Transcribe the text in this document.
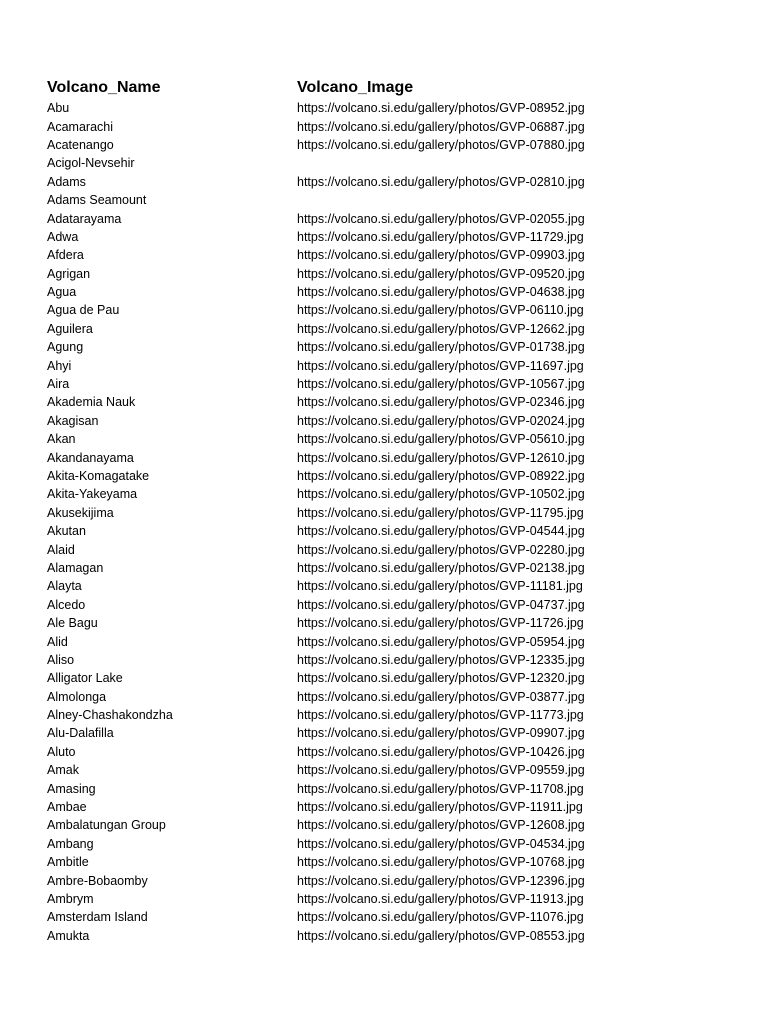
Volcano_Name	Volcano_Image
Abu	https://volcano.si.edu/gallery/photos/GVP-08952.jpg
Acamarachi	https://volcano.si.edu/gallery/photos/GVP-06887.jpg
Acatenango	https://volcano.si.edu/gallery/photos/GVP-07880.jpg
Acigol-Nevsehir
Adams	https://volcano.si.edu/gallery/photos/GVP-02810.jpg
Adams Seamount
Adatarayama	https://volcano.si.edu/gallery/photos/GVP-02055.jpg
Adwa	https://volcano.si.edu/gallery/photos/GVP-11729.jpg
Afdera	https://volcano.si.edu/gallery/photos/GVP-09903.jpg
Agrigan	https://volcano.si.edu/gallery/photos/GVP-09520.jpg
Agua	https://volcano.si.edu/gallery/photos/GVP-04638.jpg
Agua de Pau	https://volcano.si.edu/gallery/photos/GVP-06110.jpg
Aguilera	https://volcano.si.edu/gallery/photos/GVP-12662.jpg
Agung	https://volcano.si.edu/gallery/photos/GVP-01738.jpg
Ahyi	https://volcano.si.edu/gallery/photos/GVP-11697.jpg
Aira	https://volcano.si.edu/gallery/photos/GVP-10567.jpg
Akademia Nauk	https://volcano.si.edu/gallery/photos/GVP-02346.jpg
Akagisan	https://volcano.si.edu/gallery/photos/GVP-02024.jpg
Akan	https://volcano.si.edu/gallery/photos/GVP-05610.jpg
Akandanayama	https://volcano.si.edu/gallery/photos/GVP-12610.jpg
Akita-Komagatake	https://volcano.si.edu/gallery/photos/GVP-08922.jpg
Akita-Yakeyama	https://volcano.si.edu/gallery/photos/GVP-10502.jpg
Akusekijima	https://volcano.si.edu/gallery/photos/GVP-11795.jpg
Akutan	https://volcano.si.edu/gallery/photos/GVP-04544.jpg
Alaid	https://volcano.si.edu/gallery/photos/GVP-02280.jpg
Alamagan	https://volcano.si.edu/gallery/photos/GVP-02138.jpg
Alayta	https://volcano.si.edu/gallery/photos/GVP-11181.jpg
Alcedo	https://volcano.si.edu/gallery/photos/GVP-04737.jpg
Ale Bagu	https://volcano.si.edu/gallery/photos/GVP-11726.jpg
Alid	https://volcano.si.edu/gallery/photos/GVP-05954.jpg
Aliso	https://volcano.si.edu/gallery/photos/GVP-12335.jpg
Alligator Lake	https://volcano.si.edu/gallery/photos/GVP-12320.jpg
Almolonga	https://volcano.si.edu/gallery/photos/GVP-03877.jpg
Alney-Chashakondzha	https://volcano.si.edu/gallery/photos/GVP-11773.jpg
Alu-Dalafilla	https://volcano.si.edu/gallery/photos/GVP-09907.jpg
Aluto	https://volcano.si.edu/gallery/photos/GVP-10426.jpg
Amak	https://volcano.si.edu/gallery/photos/GVP-09559.jpg
Amasing	https://volcano.si.edu/gallery/photos/GVP-11708.jpg
Ambae	https://volcano.si.edu/gallery/photos/GVP-11911.jpg
Ambalatungan Group	https://volcano.si.edu/gallery/photos/GVP-12608.jpg
Ambang	https://volcano.si.edu/gallery/photos/GVP-04534.jpg
Ambitle	https://volcano.si.edu/gallery/photos/GVP-10768.jpg
Ambre-Bobaomby	https://volcano.si.edu/gallery/photos/GVP-12396.jpg
Ambrym	https://volcano.si.edu/gallery/photos/GVP-11913.jpg
Amsterdam Island	https://volcano.si.edu/gallery/photos/GVP-11076.jpg
Amukta	https://volcano.si.edu/gallery/photos/GVP-08553.jpg
